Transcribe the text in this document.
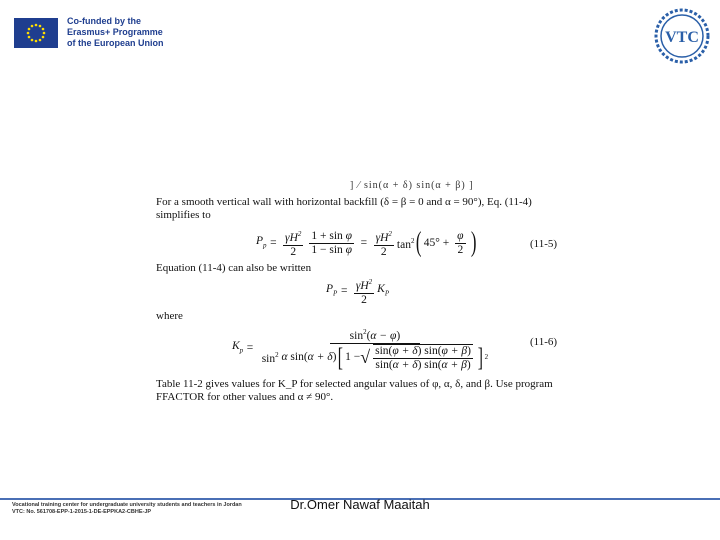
Co-funded by the
Erasmus+ Programme
of the European Union	VTC
] ⁄ sin(α + δ) sin(α + β) ]
For a smooth vertical wall with horizontal backfill (δ = β = 0 and α = 90°), Eq. (11-4) simplifies to
$P_p = \frac{\gamma H^2}{2} \frac{\text{1 + sin φ}}{\text{1 − sin φ}} = \frac{\gamma H^2}{2} \tan^2$ ( $45^\circ + \frac{\varphi}{2}$ )	(11-5)
Equation (11-4) can also be written
$P_P = \frac{\gamma H^2}{2} K_P$
where
$K_p$ =
$\sin^2(\alpha - \varphi)$
$\sin^2 \alpha$ sin( α + δ ) [ 1 − √ $\frac{\sin(\varphi + \delta) \sin(\varphi + \beta)}{\sin(\alpha + \delta) \sin(\alpha + \beta)}$ ] 2
(11-6)
Table 11-2 gives values for K_P for selected angular values of φ, α, δ, and β. Use program FFACTOR for other values and α ≠ 90°.
Vocational training center for undergraduate university students and teachers in Jordan
VTC: No. 561708-EPP-1-2015-1-DE-EPPKA2-CBHE-JP	Dr.Omer Nawaf Maaitah
